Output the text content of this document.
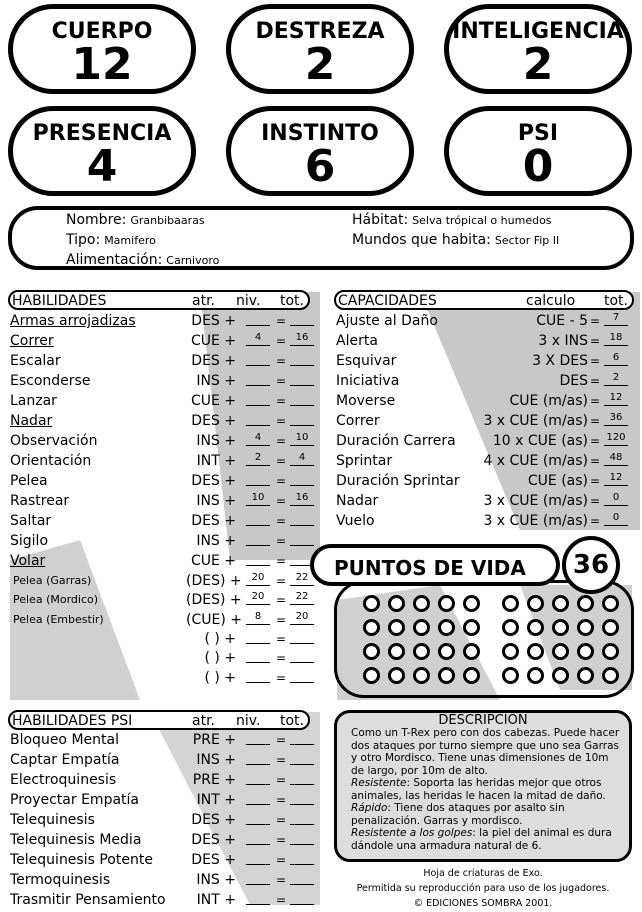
CUERPO
12
DESTREZA
2
INTELIGENCIA
2
PRESENCIA
4
INSTINTO
6
PSI
0
Nombre: Granbibaaras
Tipo: Mamifero
Alimentación: Carnivoro
Hábitat: Selva trópical o humedos
Mundos que habita: Sector Fip II
HABILIDADES	atr. niv. tot.
Armas arrojadizas	DES +	=
Correr	CUE +	4	= 16
Escalar	DES +	=
Esconderse	INS +	=
Lanzar	CUE +	=
Nadar	DES +	=
Observación	INS +	4	= 10
Orientación	INT +	2	=	4
Pelea	DES +	=
Rastrear	INS +	10 = 16
Saltar	DES +	=
Sigilo	INS +	=
Volar	CUE +	=
Pelea (Garras)	(DES) +	20 = 22
Pelea (Mordico)	(DES) +	20 = 22
Pelea (Embestir)	(CUE) +	8	= 20
( ) +	=
( ) +	=
( ) +	=
CAPACIDADES	calculo tot.
Ajuste al Daño	CUE - 5 =	7
Alerta	3 x INS = 18
Esquivar	3 X DES =	6
Iniciativa	DES =	2
Moverse	CUE (m/as) = 12
Correr	3 x CUE (m/as) = 36
Duración Carrera	10 x CUE (as) = 120
Sprintar	4 x CUE (m/as) = 48
Duración Sprintar	CUE (as) = 12
Nadar	3 x CUE (m/as) =	0
Vuelo	3 x CUE (m/as) =	0
PUNTOS DE VIDA	36
HABILIDADES PSI	atr. niv. tot.
Bloqueo Mental	PRE +	=
Captar Empatía	INS +	=
Electroquinesis	PRE +	=
Proyectar Empatía	INT +	=
Telequinesis	DES +	=
Telequinesis Media	DES +	=
Telequinesis Potente	DES +	=
Termoquinesis	INS +	=
Trasmitir Pensamiento	INT +	=
DESCRIPCIÓN
Como un T-Rex pero con dos cabezas. Puede hacer dos ataques por turno siempre que uno sea Garras y otro Mordisco. Tiene unas dimensiones de 10m de largo, por 10m de alto.
Resistente: Soporta las heridas mejor que otros animales, las heridas le hacen la mitad de daño.
Rápido: Tiene dos ataques por asalto sin penalización. Garras y mordisco.
Resistente a los golpes: la piel del animal es dura dándole una armadura natural de 6.
Hoja de criaturas de Exo.
Permitida su reproducción para uso de los jugadores.
© EDICIONES SOMBRA 2001.
